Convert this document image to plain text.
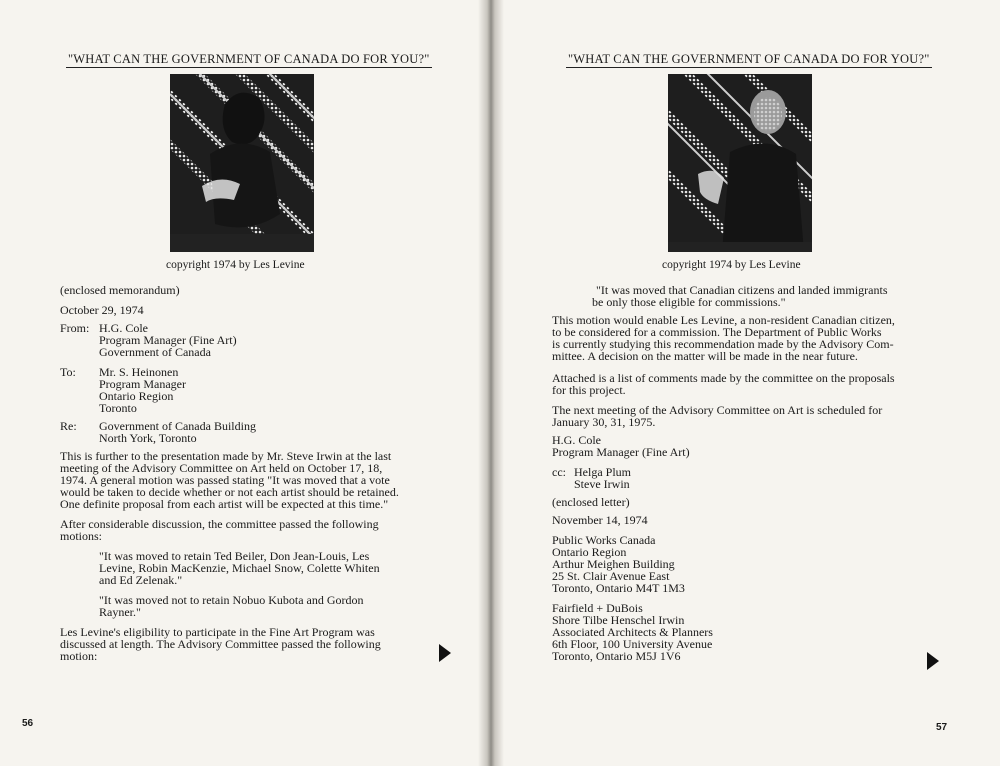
"WHAT CAN THE GOVERNMENT OF CANADA DO FOR YOU?"
copyright 1974 by Les Levine
(enclosed memorandum)
October 29, 1974
From: H.G. Cole
Program Manager (Fine Art)
Government of Canada
To: Mr. S. Heinonen
Program Manager
Ontario Region
Toronto
Re: Government of Canada Building
North York, Toronto
This is further to the presentation made by Mr. Steve Irwin at the last
meeting of the Advisory Committee on Art held on October 17, 18,
1974. A general motion was passed stating "It was moved that a vote
would be taken to decide whether or not each artist should be retained.
One definite proposal from each artist will be expected at this time."
After considerable discussion, the committee passed the following
motions:
"It was moved to retain Ted Beiler, Don Jean-Louis, Les
Levine, Robin MacKenzie, Michael Snow, Colette Whiten
and Ed Zelenak."
"It was moved not to retain Nobuo Kubota and Gordon
Rayner."
Les Levine's eligibility to participate in the Fine Art Program was
discussed at length. The Advisory Committee passed the following
motion:
56
"WHAT CAN THE GOVERNMENT OF CANADA DO FOR YOU?"
copyright 1974 by Les Levine
"It was moved that Canadian citizens and landed immigrants
be only those eligible for commissions."
This motion would enable Les Levine, a non-resident Canadian citizen,
to be considered for a commission. The Department of Public Works
is currently studying this recommendation made by the Advisory Com-
mittee. A decision on the matter will be made in the near future.
Attached is a list of comments made by the committee on the proposals
for this project.
The next meeting of the Advisory Committee on Art is scheduled for
January 30, 31, 1975.
H.G. Cole
Program Manager (Fine Art)
cc: Helga Plum
Steve Irwin
(enclosed letter)
November 14, 1974
Public Works Canada
Ontario Region
Arthur Meighen Building
25 St. Clair Avenue East
Toronto, Ontario M4T 1M3
Fairfield + DuBois
Shore Tilbe Henschel Irwin
Associated Architects & Planners
6th Floor, 100 University Avenue
Toronto, Ontario M5J 1V6
57
